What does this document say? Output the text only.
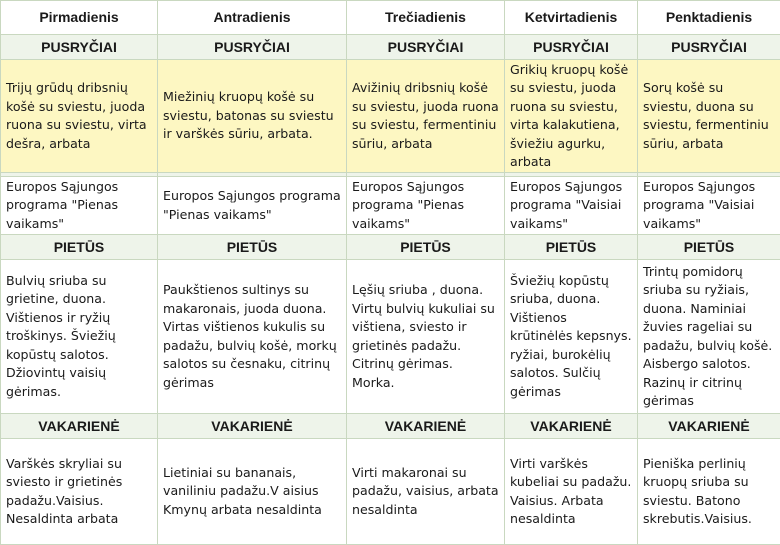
Pirmadienis	Antradienis	Trečiadienis	Ketvirtadienis	Penktadienis
PUSRYČIAI	PUSRYČIAI	PUSRYČIAI	PUSRYČIAI	PUSRYČIAI
Trijų grūdų dribsnių košė su sviestu, juoda ruona su sviestu, virta dešra, arbata	Miežinių kruopų košė su sviestu, batonas su sviestu ir varškės sūriu, arbata.	Avižinių dribsnių košė su sviestu, juoda ruona su sviestu, fermentiniu sūriu, arbata	Grikių kruopų košė su sviestu, juoda ruona su sviestu, virta kalakutiena, šviežiu agurku, arbata	Sorų košė su sviestu, duona su sviestu, fermentiniu sūriu, arbata

Europos Sąjungos programa "Pienas vaikams"	Europos Sąjungos programa "Pienas vaikams"	Europos Sąjungos programa "Pienas vaikams"	Europos Sąjungos programa "Vaisiai vaikams"	Europos Sąjungos programa "Vaisiai vaikams"
PIETŪS	PIETŪS	PIETŪS	PIETŪS	PIETŪS
Bulvių sriuba su grietine, duona. Vištienos ir ryžių troškinys. Šviežių kopūstų salotos. Džiovintų vaisių gėrimas.	Paukštienos sultinys su makaronais, juoda duona. Virtas vištienos kukulis su padažu, bulvių košė, morkų salotos su česnaku, citrinų gėrimas	Lęšių sriuba , duona. Virtų bulvių kukuliai su vištiena, sviesto ir grietinės padažu. Citrinų gėrimas. Morka.	Šviežių kopūstų sriuba, duona. Vištienos krūtinėlės kepsnys. ryžiai, burokėlių salotos. Sulčių gėrimas	Trintų pomidorų sriuba su ryžiais, duona. Naminiai žuvies rageliai su padažu, bulvių košė. Aisbergo salotos. Razinų ir citrinų gėrimas
VAKARIENĖ	VAKARIENĖ	VAKARIENĖ	VAKARIENĖ	VAKARIENĖ
Varškės skryliai su sviesto ir grietinės padažu.Vaisius. Nesaldinta arbata	Lietiniai su bananais, vaniliniu padažu.V aisius Kmynų arbata nesaldinta	Virti makaronai su padažu, vaisius, arbata nesaldinta	Virti varškės kubeliai su padažu. Vaisius. Arbata nesaldinta	Pieniška perlinių kruopų sriuba su sviestu. Batono skrebutis.Vaisius.
